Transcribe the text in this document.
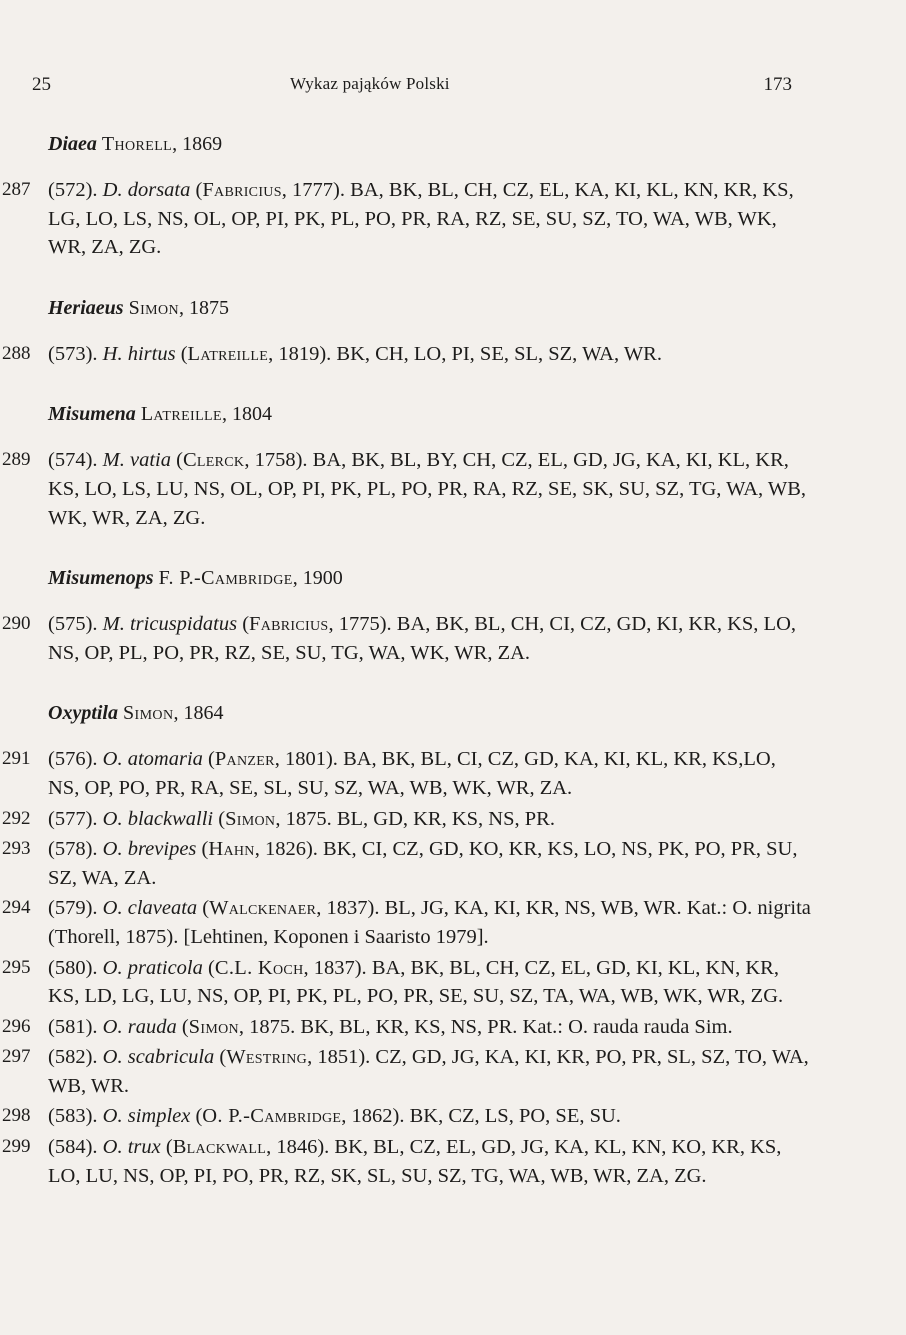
25	Wykaz pająków Polski	173
Diaea Thorell, 1869
287 (572). D. dorsata (Fabricius, 1777). BA, BK, BL, CH, CZ, EL, KA, KI, KL, KN, KR, KS, LG, LO, LS, NS, OL, OP, PI, PK, PL, PO, PR, RA, RZ, SE, SU, SZ, TO, WA, WB, WK, WR, ZA, ZG.
Heriaeus Simon, 1875
288 (573). H. hirtus (Latreille, 1819). BK, CH, LO, PI, SE, SL, SZ, WA, WR.
Misumena Latreille, 1804
289 (574). M. vatia (Clerck, 1758). BA, BK, BL, BY, CH, CZ, EL, GD, JG, KA, KI, KL, KR, KS, LO, LS, LU, NS, OL, OP, PI, PK, PL, PO, PR, RA, RZ, SE, SK, SU, SZ, TG, WA, WB, WK, WR, ZA, ZG.
Misumenops F. P.-Cambridge, 1900
290 (575). M. tricuspidatus (Fabricius, 1775). BA, BK, BL, CH, CI, CZ, GD, KI, KR, KS, LO, NS, OP, PL, PO, PR, RZ, SE, SU, TG, WA, WK, WR, ZA.
Oxyptila Simon, 1864
291 (576). O. atomaria (Panzer, 1801). BA, BK, BL, CI, CZ, GD, KA, KI, KL, KR, KS,LO, NS, OP, PO, PR, RA, SE, SL, SU, SZ, WA, WB, WK, WR, ZA.
292 (577). O. blackwalli (Simon, 1875. BL, GD, KR, KS, NS, PR.
293 (578). O. brevipes (Hahn, 1826). BK, CI, CZ, GD, KO, KR, KS, LO, NS, PK, PO, PR, SU, SZ, WA, ZA.
294 (579). O. claveata (Walckenaer, 1837). BL, JG, KA, KI, KR, NS, WB, WR. Kat.: O. nigrita (Thorell, 1875). [Lehtinen, Koponen i Saaristo 1979].
295 (580). O. praticola (C.L. Koch, 1837). BA, BK, BL, CH, CZ, EL, GD, KI, KL, KN, KR, KS, LD, LG, LU, NS, OP, PI, PK, PL, PO, PR, SE, SU, SZ, TA, WA, WB, WK, WR, ZG.
296 (581). O. rauda (Simon, 1875. BK, BL, KR, KS, NS, PR. Kat.: O. rauda rauda Sim.
297 (582). O. scabricula (Westring, 1851). CZ, GD, JG, KA, KI, KR, PO, PR, SL, SZ, TO, WA, WB, WR.
298 (583). O. simplex (O. P.-Cambridge, 1862). BK, CZ, LS, PO, SE, SU.
299 (584). O. trux (Blackwall, 1846). BK, BL, CZ, EL, GD, JG, KA, KL, KN, KO, KR, KS, LO, LU, NS, OP, PI, PO, PR, RZ, SK, SL, SU, SZ, TG, WA, WB, WR, ZA, ZG.
